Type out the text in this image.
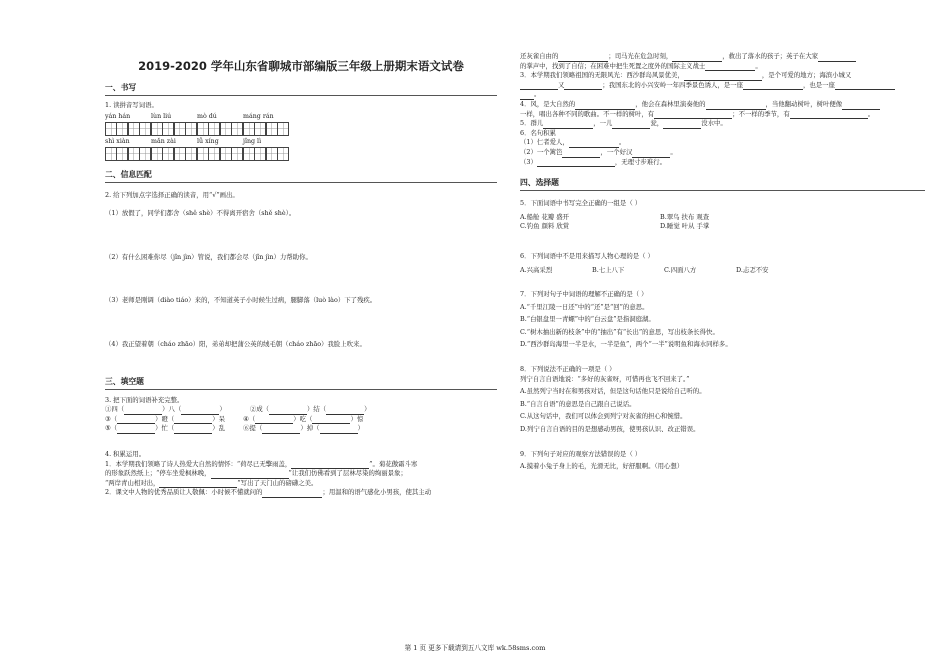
2019-2020 学年山东省聊城市部编版三年级上册期末语文试卷
一、书写
1. 读拼音写词语。
yán hán	lùn liú	mò dú	máng rán
shì xiàn	mǎn zài	lǚ xíng	jǐng lì
二、信息匹配
2. 给下列加点字选择正确的读音，用“√”画出。
（1）放假了，同学们都舍（shě shè）不得离开宿舍（shě shè）。
（2）有什么困难你尽（jǐn jìn）管说，我们都会尽（jǐn jìn）力帮助你。
（3）老师是刚调（diào tiáo）来的，不知道英子小时候生过病，腿脚落（luò lào）下了残疾。
（4）我正望着朝（cháo zhāo）阳，弟弟却把蒲公英的绒毛朝（cháo zhāo）我脸上吹来。
三、填空题
3. 把下面的词语补充完整。
①四（	）八（	）	②成（	）结（	）
③（	）瞪（	）呆	④（	）吃（	）惊
⑤（	）忙（	）乱	⑥提（	）掉（	）
4. 积累运用。
1．本学期我们领略了诗人热爱大自然的情怀：“荷尽已无擎雨盖，	”。菊花傲霜斗寒
的形象跃然纸上；“停车坐爱枫林晚，	”让我们仿佛看到了层林尽染的绚丽景象；
“两岸青山相对出，	”写出了天门山的磅礴之美。
2．课文中人物的优秀品质让人敬佩：小时候不懂就问的	；用温和的语气感化小男孩，使其主动
还灰雀自由的	；司马光在危急时刻，	，救出了落水的孩子；英子在大家
的掌声中，找到了自信；在困难中把生死置之度外的国际主义战士	。
3．本学期我们领略祖国的无限风光：西沙群岛风景优美，	，是个可爱的地方；海滨小城又
又	；我国东北的小兴安岭一年四季景色诱人，是一座	，也是一座
。
4．风，是大自然的	，他会在森林里演奏他的	，当他翻动树叶，树叶便像
一样，唱出各种不同的歌曲。不一样的树叶，有	；不一样的季节，有	。
5．群儿	，一儿	瓮，	没水中。
6．名句积累
（1）仁者爱人，	。
（2）一个篱笆	，一个好汉	。
（3）	，无理寸步难行。
四、选择题
5．下面词语中书写完全正确的一组是（ ）
A.船舱 花瓣 盛开	B.翠鸟 扶布 观查
C.钓鱼 颜料 欣赏	D.睡觉 叶从 手掌
6．下列词语中不是用来描写人物心理的是（ ）
A.兴高采烈	B.七上八下	C.四面八方	D.忐忑不安
7．下列对句子中词语的理解不正确的是（ ）
A.“千里江陵一日还”中的“还”是“回”的意思。
B.“白银盘里一青螺”中的“白云盘”是指洞庭湖。
C.“树木抽出新的枝条”中的“抽出”有“长出”的意思，写出枝条长得快。
D.“西沙群岛海里一半是水，一半是鱼”，两个“一半”说明鱼和海水同样多。
8．下列说法不正确的一项是（ ）
列宁自言自语地说：“多好的灰雀呀，可惜再也飞不回来了。”
A.虽然列宁当时在和男孩对话，但是这句话他只是说给自己听的。
B.“自言自语”的意思是自己跟自己说话。
C.从这句话中，我们可以体会到列宁对灰雀的担心和惋惜。
D.列宁自言自语的目的是想感动男孩，使男孩认识、改正错误。
9．下列句子对应的观察方法错误的是（ ）
A.摸着小兔子身上的毛，光滑无比，好舒服啊。（用心想）
第 1 页 更多下载请到五八文库 wk.58sms.com
